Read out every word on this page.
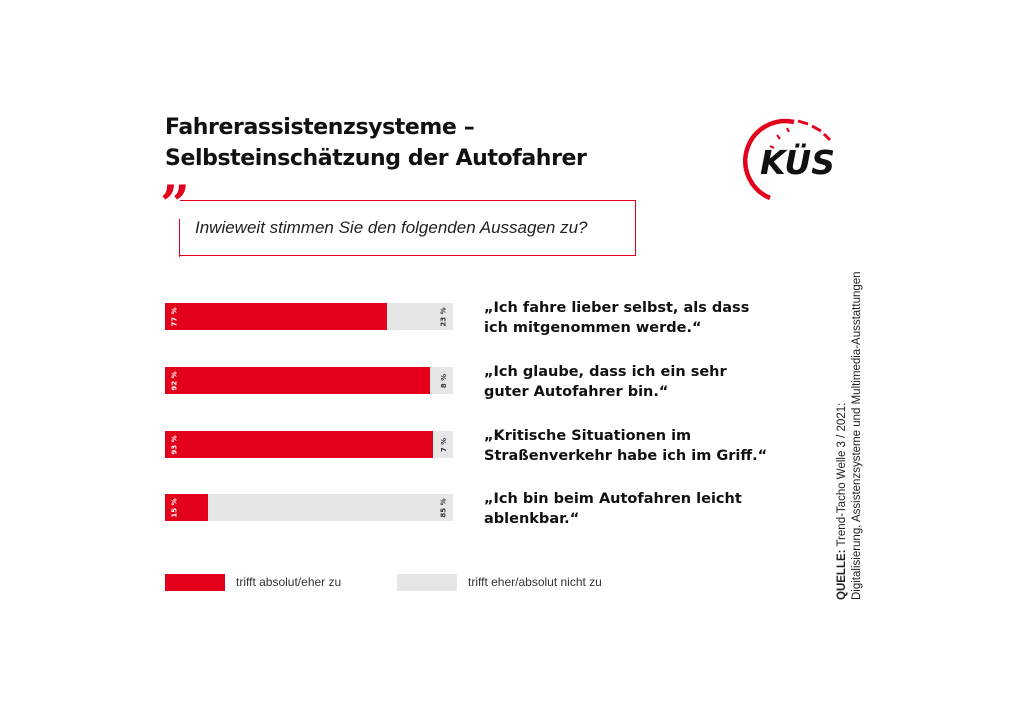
Fahrerassistenzsysteme –
Selbsteinschätzung der Autofahrer	KÜS
” Inwieweit stimmen Sie den folgenden Aussagen zu?
77 %	23 %
92 %	8 %
93 %	7 %
15 %	85 %
„Ich fahre lieber selbst, als dass
ich mitgenommen werde.“
„Ich glaube, dass ich ein sehr
guter Autofahrer bin.“
„Kritische Situationen im
Straßenverkehr habe ich im Griff.“
„Ich bin beim Autofahren leicht
ablenkbar.“
trifft absolut/eher zu	trifft eher/absolut nicht zu	QUELLE: Trend-Tacho Welle 3 / 2021: Digitalisierung, Assistenzsysteme und Multimedia-Ausstattungen
